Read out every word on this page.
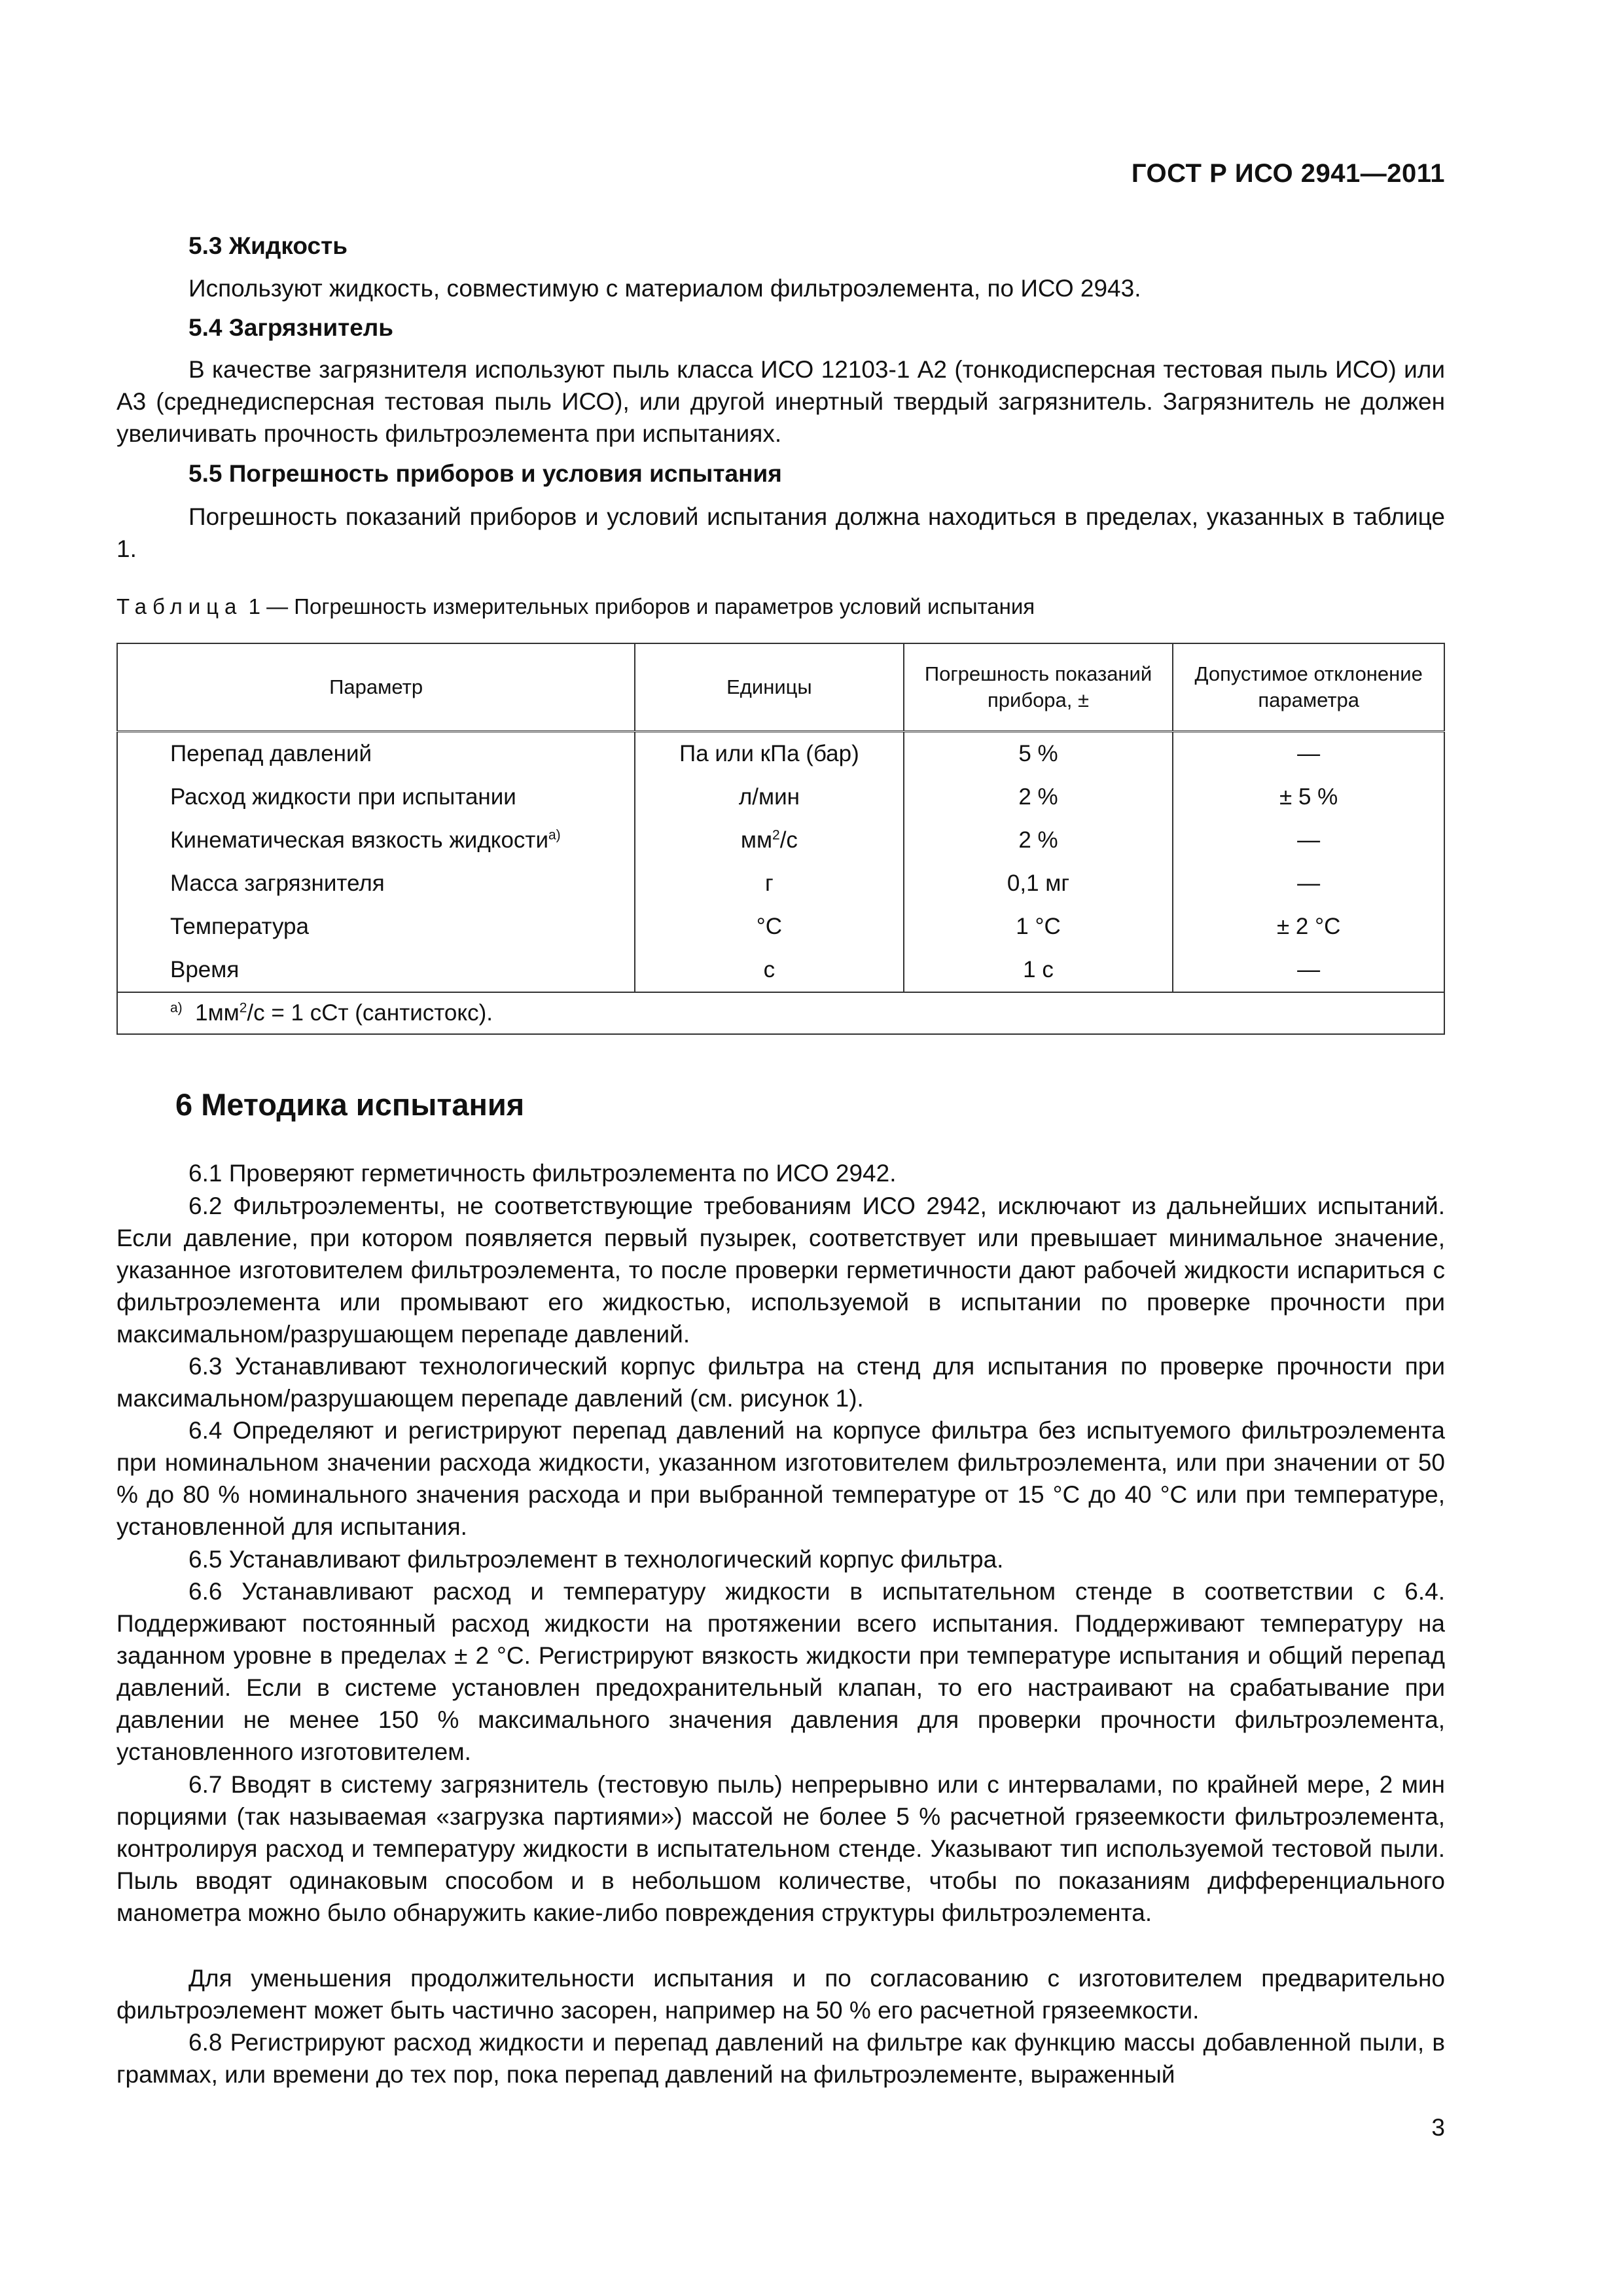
ГОСТ Р ИСО 2941—2011
5.3 Жидкость
Используют жидкость, совместимую с материалом фильтроэлемента, по ИСО 2943.
5.4 Загрязнитель
В качестве загрязнителя используют пыль класса ИСО 12103-1 А2 (тонкодисперсная тестовая пыль ИСО) или А3 (среднедисперсная тестовая пыль ИСО), или другой инертный твердый загрязнитель. Загрязнитель не должен увеличивать прочность фильтроэлемента при испытаниях.
5.5 Погрешность приборов и условия испытания
Погрешность показаний приборов и условий испытания должна находиться в пределах, указанных в таблице 1.
Таблица 1 — Погрешность измерительных приборов и параметров условий испытания
Параметр	Единицы	Погрешность показаний прибора, ±	Допустимое отклонение параметра
Перепад давлений	Па или кПа (бар)	5 %	—
Расход жидкости при испытании	л/мин	2 %	± 5 %
Кинематическая вязкость жидкости$^{a)}$	$мм^2/с$	2 %	—
Масса загрязнителя	г	0,1 мг	—
Температура	°С	1 °С	± 2 °С
Время	с	1 с	—
$^{a)}$ $1мм^2/с = 1$ сСт (сантистокс).			
6 Методика испытания
6.1 Проверяют герметичность фильтроэлемента по ИСО 2942.
6.2 Фильтроэлементы, не соответствующие требованиям ИСО 2942, исключают из дальнейших испытаний. Если давление, при котором появляется первый пузырек, соответствует или превышает минимальное значение, указанное изготовителем фильтроэлемента, то после проверки герметичности дают рабочей жидкости испариться с фильтроэлемента или промывают его жидкостью, используемой в испытании по проверке прочности при максимальном/разрушающем перепаде давлений.
6.3 Устанавливают технологический корпус фильтра на стенд для испытания по проверке прочности при максимальном/разрушающем перепаде давлений (см. рисунок 1).
6.4 Определяют и регистрируют перепад давлений на корпусе фильтра без испытуемого фильтроэлемента при номинальном значении расхода жидкости, указанном изготовителем фильтроэлемента, или при значении от 50 % до 80 % номинального значения расхода и при выбранной температуре от 15 °С до 40 °С или при температуре, установленной для испытания.
6.5 Устанавливают фильтроэлемент в технологический корпус фильтра.
6.6 Устанавливают расход и температуру жидкости в испытательном стенде в соответствии с 6.4. Поддерживают постоянный расход жидкости на протяжении всего испытания. Поддерживают температуру на заданном уровне в пределах ± 2 °С. Регистрируют вязкость жидкости при температуре испытания и общий перепад давлений. Если в системе установлен предохранительный клапан, то его настраивают на срабатывание при давлении не менее 150 % максимального значения давления для проверки прочности фильтроэлемента, установленного изготовителем.
6.7 Вводят в систему загрязнитель (тестовую пыль) непрерывно или с интервалами, по крайней мере, 2 мин порциями (так называемая «загрузка партиями») массой не более 5 % расчетной грязеемкости фильтроэлемента, контролируя расход и температуру жидкости в испытательном стенде. Указывают тип используемой тестовой пыли. Пыль вводят одинаковым способом и в небольшом количестве, чтобы по показаниям дифференциального манометра можно было обнаружить какие-либо повреждения структуры фильтроэлемента.
Для уменьшения продолжительности испытания и по согласованию с изготовителем предварительно фильтроэлемент может быть частично засорен, например на 50 % его расчетной грязеемкости.
6.8 Регистрируют расход жидкости и перепад давлений на фильтре как функцию массы добавленной пыли, в граммах, или времени до тех пор, пока перепад давлений на фильтроэлементе, выраженный
3
